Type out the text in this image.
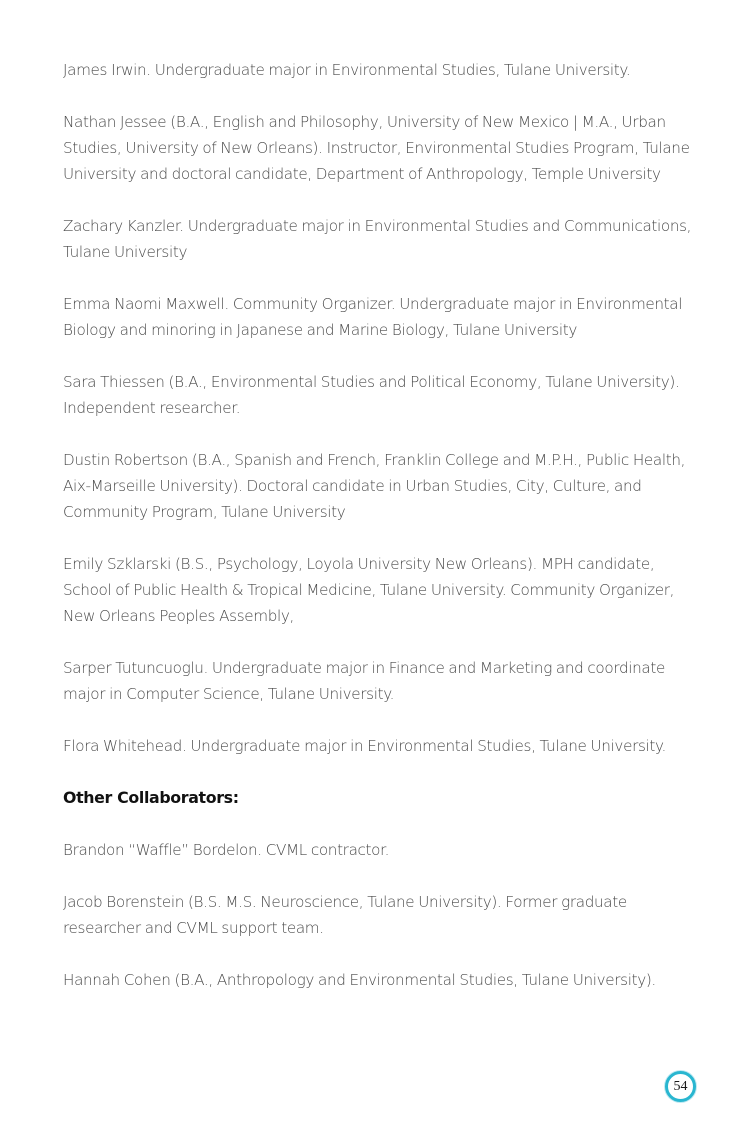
James Irwin. Undergraduate major in Environmental Studies, Tulane University.

Nathan Jessee (B.A., English and Philosophy, University of New Mexico | M.A., Urban Studies, University of New Orleans). Instructor, Environmental Studies Program, Tulane University and doctoral candidate, Department of Anthropology, Temple University

Zachary Kanzler. Undergraduate major in Environmental Studies and Communications, Tulane University

Emma Naomi Maxwell. Community Organizer. Undergraduate major in Environmental Biology and minoring in Japanese and Marine Biology, Tulane University

Sara Thiessen (B.A., Environmental Studies and Political Economy, Tulane University). Independent researcher.

Dustin Robertson (B.A., Spanish and French, Franklin College and M.P.H., Public Health, Aix-Marseille University). Doctoral candidate in Urban Studies, City, Culture, and Community Program, Tulane University

Emily Szklarski (B.S., Psychology, Loyola University New Orleans). MPH candidate, School of Public Health & Tropical Medicine, Tulane University. Community Organizer, New Orleans Peoples Assembly,

Sarper Tutuncuoglu. Undergraduate major in Finance and Marketing and coordinate major in Computer Science, Tulane University.

Flora Whitehead. Undergraduate major in Environmental Studies, Tulane University.

Other Collaborators:

Brandon “Waffle” Bordelon. CVML contractor.

Jacob Borenstein (B.S. M.S. Neuroscience, Tulane University). Former graduate researcher and CVML support team.

Hannah Cohen (B.A., Anthropology and Environmental Studies, Tulane University).

54
